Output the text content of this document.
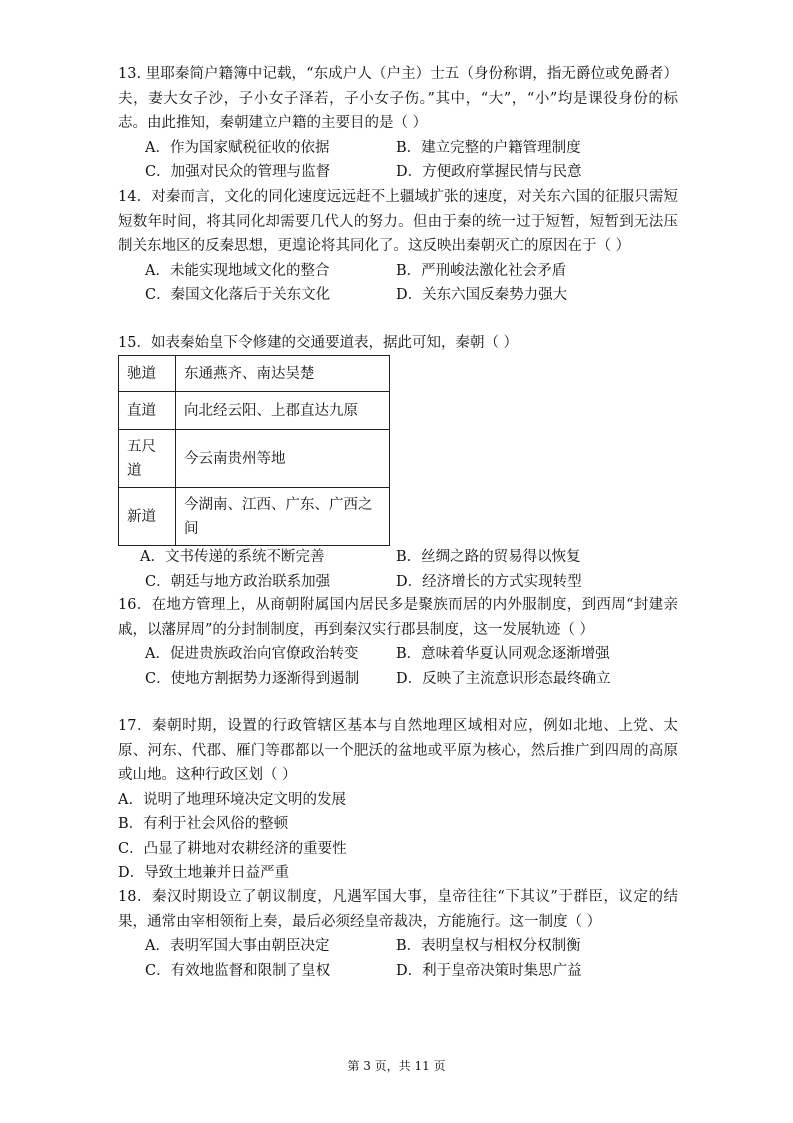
13. 里耶秦简户籍簿中记载，“东成户人（户主）士五（身份称谓，指无爵位或免爵者）夫，妻大女子沙，子小女子泽若，子小女子伤。”其中，“大”，“小”均是课役身份的标志。由此推知，秦朝建立户籍的主要目的是（ ）

A．作为国家赋税征收的依据	B．建立完整的户籍管理制度
C．加强对民众的管理与监督	D．方便政府掌握民情与民意

14．对秦而言，文化的同化速度远远赶不上疆域扩张的速度，对关东六国的征服只需短短数年时间，将其同化却需要几代人的努力。但由于秦的统一过于短暂，短暂到无法压制关东地区的反秦思想，更遑论将其同化了。这反映出秦朝灭亡的原因在于（ ）

A．未能实现地域文化的整合	B．严刑峻法激化社会矛盾
C．秦国文化落后于关东文化	D．关东六国反秦势力强大

15．如表秦始皇下令修建的交通要道表，据此可知，秦朝（ ）

驰道	东通燕齐、南达吴楚
直道	向北经云阳、上郡直达九原
五尺道	今云南贵州等地
新道	今湖南、江西、广东、广西之间
A．文书传递的系统不断完善	B．丝绸之路的贸易得以恢复
C．朝廷与地方政治联系加强	D．经济增长的方式实现转型

16．在地方管理上，从商朝附属国内居民多是聚族而居的内外服制度，到西周“封建亲 戚，以藩屏周”的分封制制度，再到秦汉实行郡县制度，这一发展轨迹（ ）

A．促进贵族政治向官僚政治转变	B．意味着华夏认同观念逐渐增强
C．使地方割据势力逐渐得到遏制	D．反映了主流意识形态最终确立

17．秦朝时期，设置的行政管辖区基本与自然地理区域相对应，例如北地、上党、太原、河东、代郡、雁门等郡都以一个肥沃的盆地或平原为核心，然后推广到四周的高原或山地。这种行政区划（ ）

A．说明了地理环境决定文明的发展
B．有利于社会风俗的整顿
C．凸显了耕地对农耕经济的重要性
D．导致土地兼并日益严重

18．秦汉时期设立了朝议制度，凡遇军国大事，皇帝往往“下其议”于群臣，议定的结果，通常由宰相领衔上奏，最后必须经皇帝裁决，方能施行。这一制度（ ）

A．表明军国大事由朝臣决定	B．表明皇权与相权分权制衡
C．有效地监督和限制了皇权	D．利于皇帝决策时集思广益
第 3 页，共 11 页
